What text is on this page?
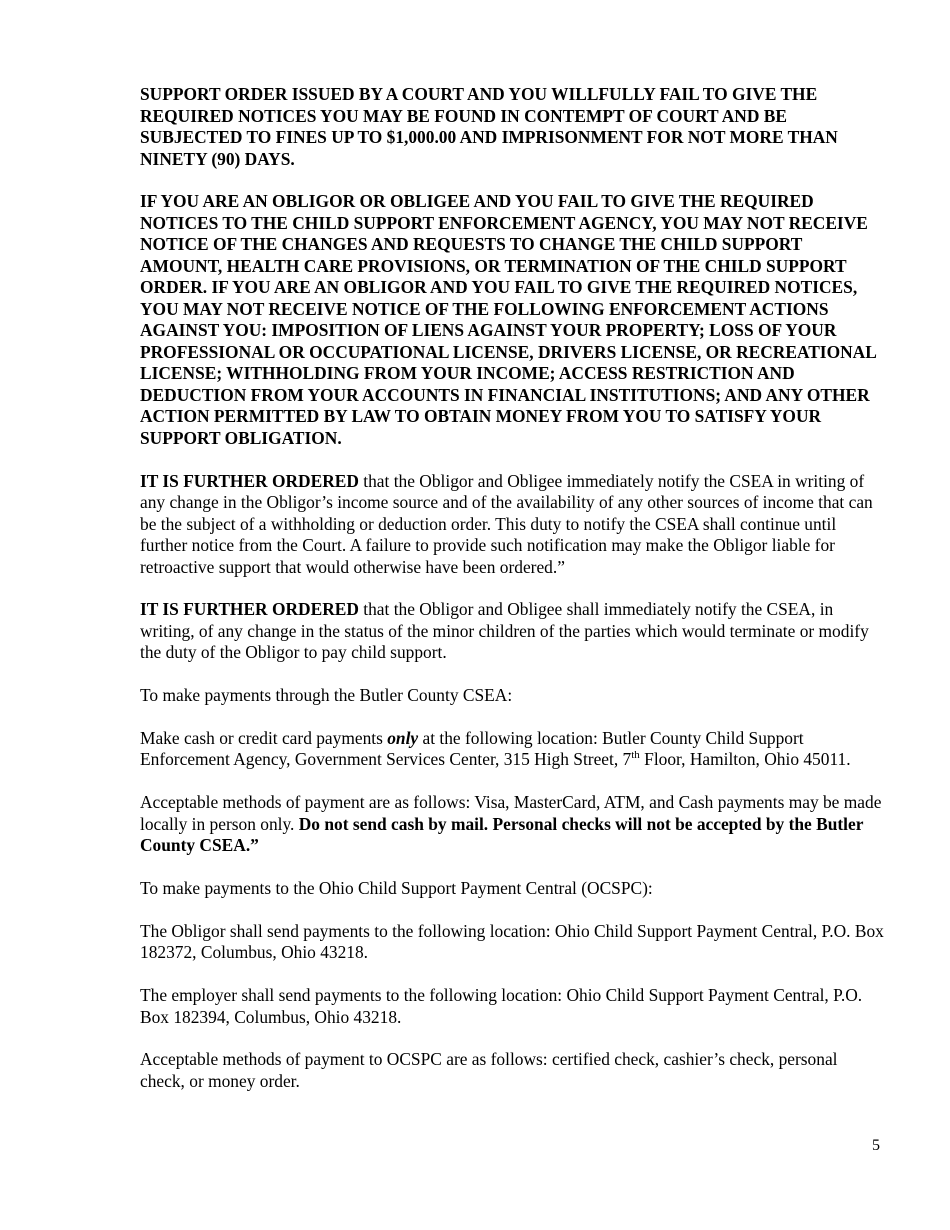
SUPPORT ORDER ISSUED BY A COURT AND YOU WILLFULLY FAIL TO GIVE THE REQUIRED NOTICES YOU MAY BE FOUND IN CONTEMPT OF COURT AND BE SUBJECTED TO FINES UP TO $1,000.00 AND IMPRISONMENT FOR NOT MORE THAN NINETY (90) DAYS.

IF YOU ARE AN OBLIGOR OR OBLIGEE AND YOU FAIL TO GIVE THE REQUIRED NOTICES TO THE CHILD SUPPORT ENFORCEMENT AGENCY, YOU MAY NOT RECEIVE NOTICE OF THE CHANGES AND REQUESTS TO CHANGE THE CHILD SUPPORT AMOUNT, HEALTH CARE PROVISIONS, OR TERMINATION OF THE CHILD SUPPORT ORDER. IF YOU ARE AN OBLIGOR AND YOU FAIL TO GIVE THE REQUIRED NOTICES, YOU MAY NOT RECEIVE NOTICE OF THE FOLLOWING ENFORCEMENT ACTIONS AGAINST YOU: IMPOSITION OF LIENS AGAINST YOUR PROPERTY; LOSS OF YOUR PROFESSIONAL OR OCCUPATIONAL LICENSE, DRIVERS LICENSE, OR RECREATIONAL LICENSE; WITHHOLDING FROM YOUR INCOME; ACCESS RESTRICTION AND DEDUCTION FROM YOUR ACCOUNTS IN FINANCIAL INSTITUTIONS; AND ANY OTHER ACTION PERMITTED BY LAW TO OBTAIN MONEY FROM YOU TO SATISFY YOUR SUPPORT OBLIGATION.

IT IS FURTHER ORDERED that the Obligor and Obligee immediately notify the CSEA in writing of any change in the Obligor’s income source and of the availability of any other sources of income that can be the subject of a withholding or deduction order. This duty to notify the CSEA shall continue until further notice from the Court. A failure to provide such notification may make the Obligor liable for retroactive support that would otherwise have been ordered.”

IT IS FURTHER ORDERED that the Obligor and Obligee shall immediately notify the CSEA, in writing, of any change in the status of the minor children of the parties which would terminate or modify the duty of the Obligor to pay child support.

To make payments through the Butler County CSEA:

Make cash or credit card payments only at the following location: Butler County Child Support Enforcement Agency, Government Services Center, 315 High Street, 7th Floor, Hamilton, Ohio 45011.

Acceptable methods of payment are as follows: Visa, MasterCard, ATM, and Cash payments may be made locally in person only. Do not send cash by mail. Personal checks will not be accepted by the Butler County CSEA.”

To make payments to the Ohio Child Support Payment Central (OCSPC):

The Obligor shall send payments to the following location: Ohio Child Support Payment Central, P.O. Box 182372, Columbus, Ohio 43218.

The employer shall send payments to the following location: Ohio Child Support Payment Central, P.O. Box 182394, Columbus, Ohio 43218.

Acceptable methods of payment to OCSPC are as follows: certified check, cashier’s check, personal check, or money order.

5
